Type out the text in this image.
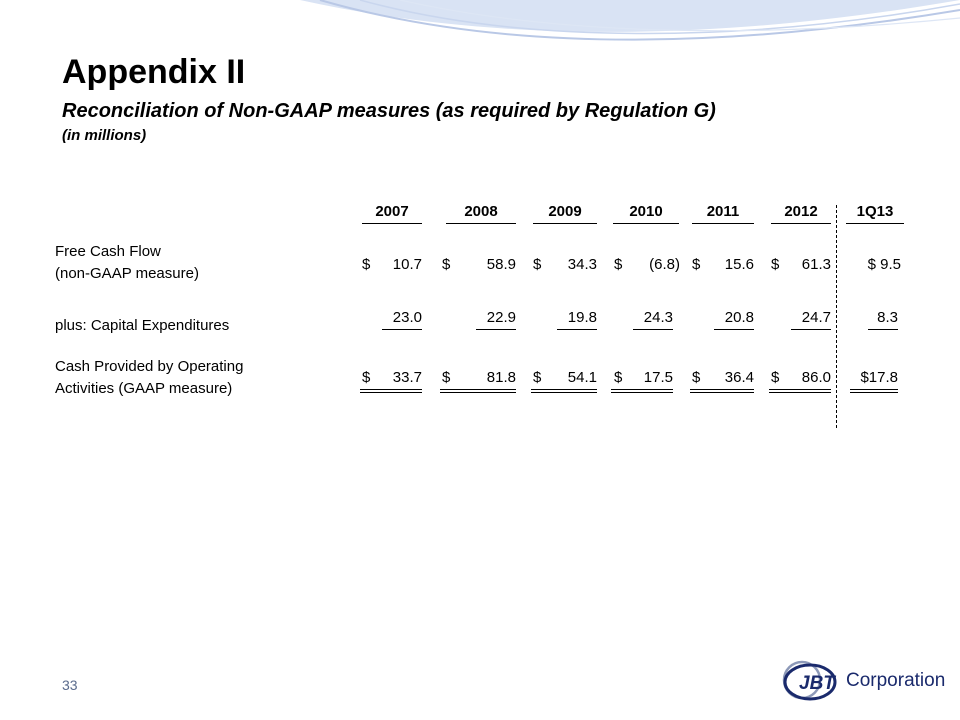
Appendix II
Reconciliation of Non-GAAP measures (as required by Regulation G)
(in millions)
2007	2008	2009	2010	2011	2012	1Q13
Free Cash Flow
(non-GAAP measure)
$	10.7 $	58.9 $	34.3 $	(6.8) $	15.6 $	61.3	$ 9.5
plus: Capital Expenditures	23.0	22.9	19.8	24.3	20.8	24.7	8.3
Cash Provided by Operating
Activities (GAAP measure)
$	33.7 $	81.8 $	54.1 $	17.5 $	36.4 $	86.0	$17.8
33	JBT Corporation
